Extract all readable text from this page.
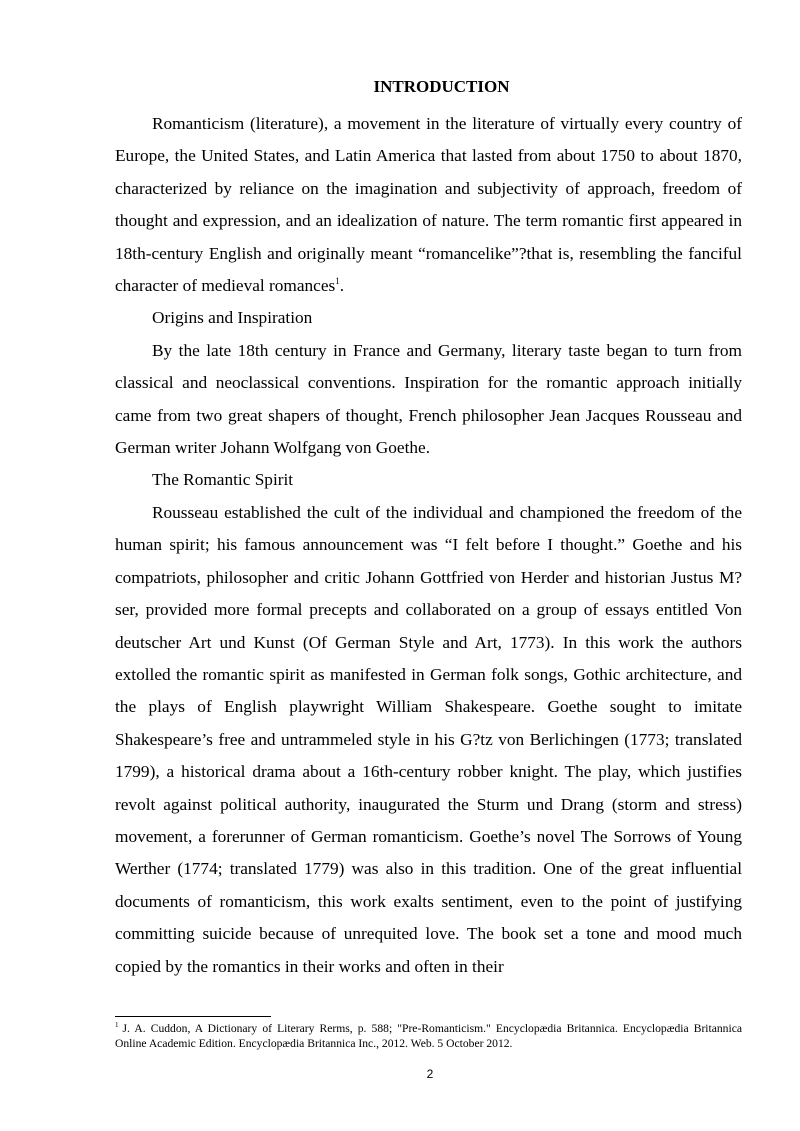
INTRODUCTION

Romanticism (literature), a movement in the literature of virtually every country of Europe, the United States, and Latin America that lasted from about 1750 to about 1870, characterized by reliance on the imagination and subjectivity of approach, freedom of thought and expression, and an idealization of nature. The term romantic first appeared in 18th-century English and originally meant “romancelike”?that is, resembling the fanciful character of medieval romances$^1$.

Origins and Inspiration

By the late 18th century in France and Germany, literary taste began to turn from classical and neoclassical conventions. Inspiration for the romantic approach initially came from two great shapers of thought, French philosopher Jean Jacques Rousseau and German writer Johann Wolfgang von Goethe.

The Romantic Spirit

Rousseau established the cult of the individual and championed the freedom of the human spirit; his famous announcement was “I felt before I thought.” Goethe and his compatriots, philosopher and critic Johann Gottfried von Herder and historian Justus M?ser, provided more formal precepts and collaborated on a group of essays entitled Von deutscher Art und Kunst (Of German Style and Art, 1773). In this work the authors extolled the romantic spirit as manifested in German folk songs, Gothic architecture, and the plays of English playwright William Shakespeare. Goethe sought to imitate Shakespeare’s free and untrammeled style in his G?tz von Berlichingen (1773; translated 1799), a historical drama about a 16th-century robber knight. The play, which justifies revolt against political authority, inaugurated the Sturm und Drang (storm and stress) movement, a forerunner of German romanticism. Goethe’s novel The Sorrows of Young Werther (1774; translated 1779) was also in this tradition. One of the great influential documents of romanticism, this work exalts sentiment, even to the point of justifying committing suicide because of unrequited love. The book set a tone and mood much copied by the romantics in their works and often in their

$^1$ J. A. Cuddon, A Dictionary of Literary Rerms, p. 588; "Pre-Romanticism." Encyclopædia Britannica. Encyclopædia Britannica Online Academic Edition. Encyclopædia Britannica Inc., 2012. Web. 5 October 2012.

2
